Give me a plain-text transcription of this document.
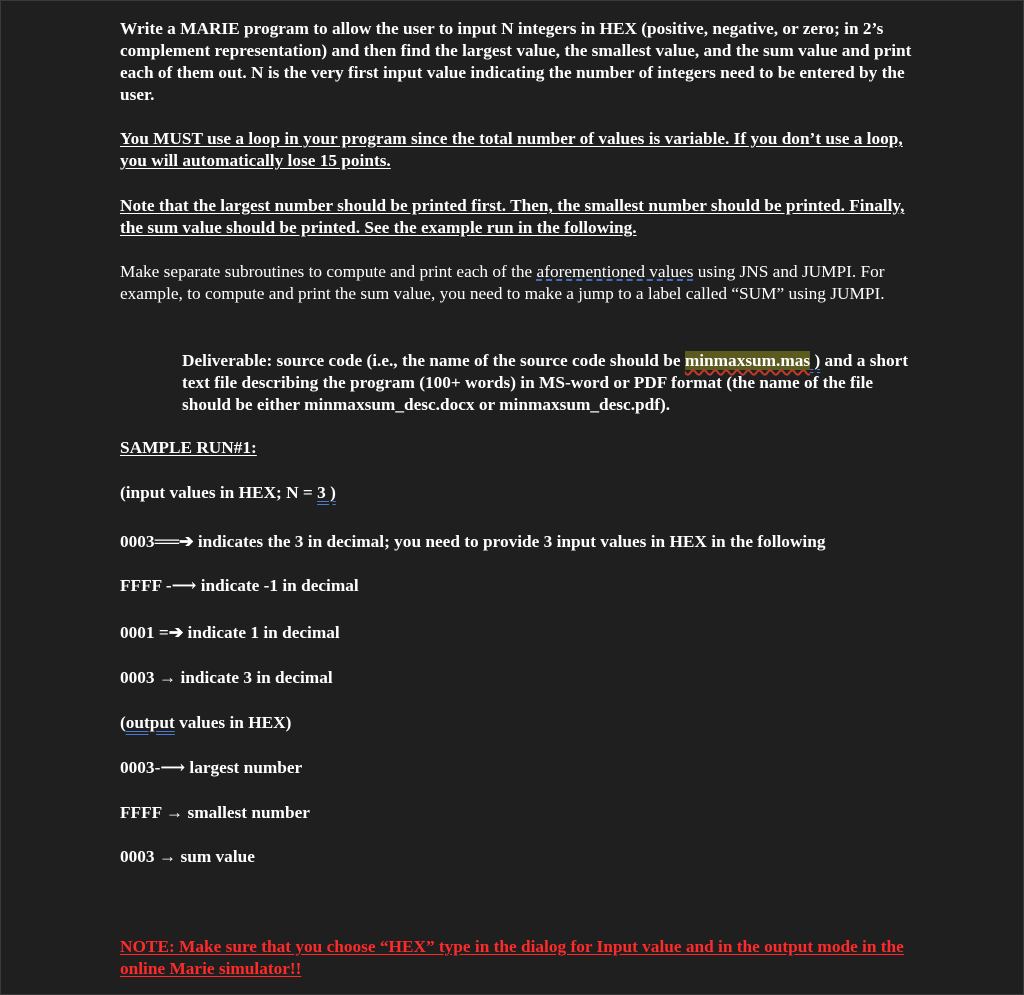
Write a MARIE program to allow the user to input N integers in HEX (positive, negative, or zero; in 2’s complement representation) and then find the largest value, the smallest value, and the sum value and print each of them out. N is the very first input value indicating the number of integers need to be entered by the user.

You MUST use a loop in your program since the total number of values is variable. If you don’t use a loop, you will automatically lose 15 points.

Note that the largest number should be printed first. Then, the smallest number should be printed. Finally, the sum value should be printed. See the example run in the following.

Make separate subroutines to compute and print each of the aforementioned values using JNS and JUMPI. For example, to compute and print the sum value, you need to make a jump to a label called “SUM” using JUMPI.

Deliverable: source code (i.e., the name of the source code should be minmaxsum.mas ) and a short text file describing the program (100+ words) in MS-word or PDF format (the name of the file should be either minmaxsum_desc.docx or minmaxsum_desc.pdf).

SAMPLE RUN#1:

(input values in HEX; N = 3 )

0003══➔ indicates the 3 in decimal; you need to provide 3 input values in HEX in the following

FFFF -⟶ indicate -1 in decimal

0001 =➔ indicate 1 in decimal

0003 → indicate 3 in decimal

(output values in HEX)

0003-⟶ largest number

FFFF → smallest number

0003 → sum value

NOTE: Make sure that you choose “HEX” type in the dialog for Input value and in the output mode in the online Marie simulator!!
